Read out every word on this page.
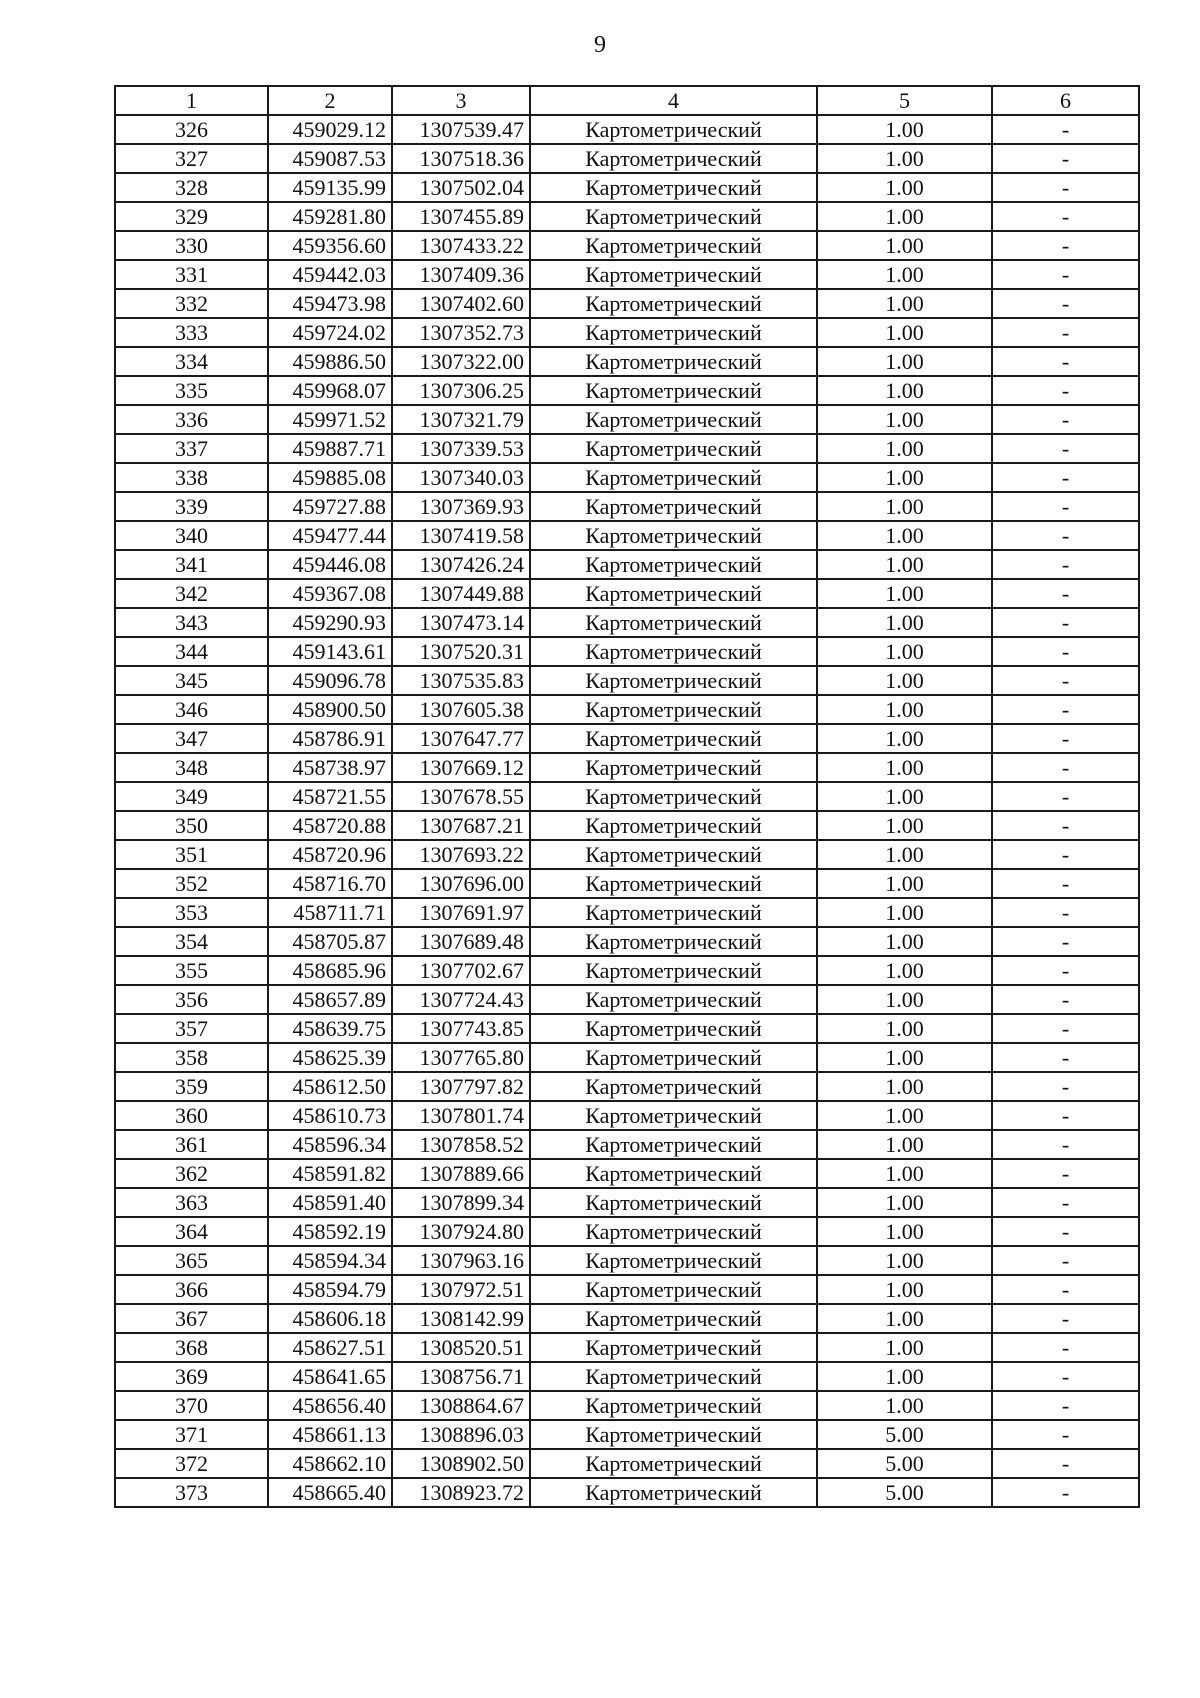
9
1	2	3	4	5	6
326	459029.12	1307539.47	Картометрический	1.00	-
327	459087.53	1307518.36	Картометрический	1.00	-
328	459135.99	1307502.04	Картометрический	1.00	-
329	459281.80	1307455.89	Картометрический	1.00	-
330	459356.60	1307433.22	Картометрический	1.00	-
331	459442.03	1307409.36	Картометрический	1.00	-
332	459473.98	1307402.60	Картометрический	1.00	-
333	459724.02	1307352.73	Картометрический	1.00	-
334	459886.50	1307322.00	Картометрический	1.00	-
335	459968.07	1307306.25	Картометрический	1.00	-
336	459971.52	1307321.79	Картометрический	1.00	-
337	459887.71	1307339.53	Картометрический	1.00	-
338	459885.08	1307340.03	Картометрический	1.00	-
339	459727.88	1307369.93	Картометрический	1.00	-
340	459477.44	1307419.58	Картометрический	1.00	-
341	459446.08	1307426.24	Картометрический	1.00	-
342	459367.08	1307449.88	Картометрический	1.00	-
343	459290.93	1307473.14	Картометрический	1.00	-
344	459143.61	1307520.31	Картометрический	1.00	-
345	459096.78	1307535.83	Картометрический	1.00	-
346	458900.50	1307605.38	Картометрический	1.00	-
347	458786.91	1307647.77	Картометрический	1.00	-
348	458738.97	1307669.12	Картометрический	1.00	-
349	458721.55	1307678.55	Картометрический	1.00	-
350	458720.88	1307687.21	Картометрический	1.00	-
351	458720.96	1307693.22	Картометрический	1.00	-
352	458716.70	1307696.00	Картометрический	1.00	-
353	458711.71	1307691.97	Картометрический	1.00	-
354	458705.87	1307689.48	Картометрический	1.00	-
355	458685.96	1307702.67	Картометрический	1.00	-
356	458657.89	1307724.43	Картометрический	1.00	-
357	458639.75	1307743.85	Картометрический	1.00	-
358	458625.39	1307765.80	Картометрический	1.00	-
359	458612.50	1307797.82	Картометрический	1.00	-
360	458610.73	1307801.74	Картометрический	1.00	-
361	458596.34	1307858.52	Картометрический	1.00	-
362	458591.82	1307889.66	Картометрический	1.00	-
363	458591.40	1307899.34	Картометрический	1.00	-
364	458592.19	1307924.80	Картометрический	1.00	-
365	458594.34	1307963.16	Картометрический	1.00	-
366	458594.79	1307972.51	Картометрический	1.00	-
367	458606.18	1308142.99	Картометрический	1.00	-
368	458627.51	1308520.51	Картометрический	1.00	-
369	458641.65	1308756.71	Картометрический	1.00	-
370	458656.40	1308864.67	Картометрический	1.00	-
371	458661.13	1308896.03	Картометрический	5.00	-
372	458662.10	1308902.50	Картометрический	5.00	-
373	458665.40	1308923.72	Картометрический	5.00	-
